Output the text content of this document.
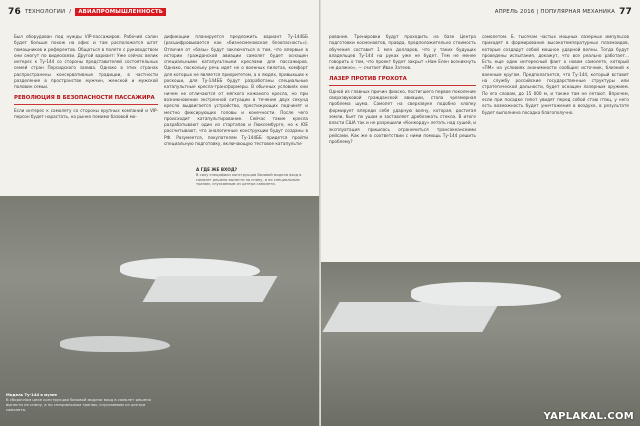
76 ТЕХНОЛОГИИ /	АВИАПРОМЫШЛЕННОСТЬ

Был оборудован под нужды VIP-пассажиров. Рабочий салон будет больше похож на офис и там расположатся штат помощников и референтов. Общаться в полете с руководством они смогут по видеосвязи. Другой вариант: Уже сейчас велик интерес к Ту-144 со стороны представителей состоятельных семей стран Персидского залива. Однако в этих странах распространены консервативные традиции, в частности разделение в пространстве мужчин, женской и мужской половин семьи.

РЕВОЛЮЦИЯ В БЕЗОПАСНОСТИ ПАССАЖИРА

Если интерес к самолету со стороны крупных компаний и VIP-персон будет нарастать, на рынке помимо базовой мо-

дификации планируется предложить вариант Ту-144ББ (расшифровывается как «бизнесменовская безопасность»). Отличия от «базы» будут заключаться в том, что впервые в истории гражданской авиации самолет будет оснащен специальными катапультными креслами для пассажиров. Однако, поскольку речь идет не о военных пилотах, комфорт для которых не является приоритетом, а о людях, привыкших к роскоши, для Ту-144ББ будут разработаны специальные катапультные кресла-трансформеры. В обычных условиях они ничем не отличаются от мягкого кожаного кресла, но при возникновении экстренной ситуации в течение двух секунд кресло выдвигается устройство, престижующих подчинят и местно фиксирующих головы и конечности. После чего происходит катапультирование. Сейчас такие кресла разрабатывают один из стартапов и Люксембурге, но к ЮЕ рассчитывают, что аналогичные конструкции будут созданы в РФ. Разумеется, покупателям Ту-144ББ придется пройти специальную подготовку, включающую тестовое катапульти-

А ГДЕ ЖЕ ВХОД?
В силу специфики конструкции базовой модели вход в самолет решено вынести на спину, а по специальным трапам, спускаемым из центра самолета.
Модель Ту-144 в музее
В сборочном цехе конструкции базовой модели вход в самолет решено вынести на спину, а по специальным трапам, спускаемым из центра самолета.
АПРЕЛЬ 2016 | ПОПУЛЯРНАЯ МЕХАНИКА 77

рование. Тренировки будут проходить на базе Центра подготовки космонавтов, правда, предположительно стоимость обучения составит 1 млн долларов, что у таких будущих владельцев Ту-144 на руках уже не будет. Тем не менее говорить о том, что проект будет закрыт «Нам Елен возникнуть не должно», — считает Иван Затеев.

ЛАЗЕР ПРОТИВ ГРОХОТА

Одной из главных причин фиаско, постигшего первое поколение сверхзвуковой гражданской авиации, стала чрезмерная проблема шума. Самолет на сверхзвуке подобно хлопку формирует впереди себя ударную волну, которая, достигая земли, бьет по ушам и заставляет дребезжать стекла. В итоге власти США так и не разрешили «Конкорду» летать над сушей, и эксплуатация пришлась ограничиться трансокеанскими рейсами. Как же в соответствии с ними помощь Ту-144 решить проблему?

самолетом. Б. тысячам частых мощных лазерных импульсов приходят в формирование высокотемпературных плазмоидов, которые создадут собой мощное ударной волны. Тогда будут проведены испытания, докажут, что все реально работает... Есть еще один интересный факт о новом самолете, который «ПМ» на условиях анонимности сообщил источник, близкий к военным кругам. Предполагается, что Ту-144, который вставит на службу российские государственные структуры или стратегической дальности, будет оснащен лазерным оружием. По его словам, до 15 000 м, и также там не летают. Впрочем, если при посадке гипот увидят перед собой стаю птиц, у него есть возможность будет уничтожения в воздухе, в результате будет выполнена посадка благополучно.

YAPLAKAL.COM
